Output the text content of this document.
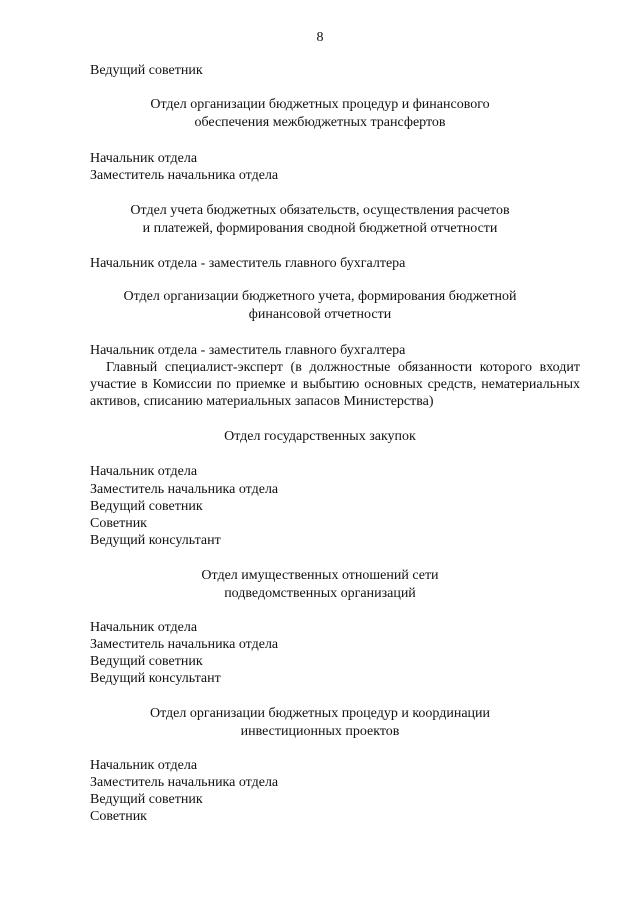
8
Ведущий советник
Отдел организации бюджетных процедур и финансового
обеспечения межбюджетных трансфертов
Начальник отдела
Заместитель начальника отдела
Отдел учета бюджетных обязательств, осуществления расчетов
и платежей, формирования сводной бюджетной отчетности
Начальник отдела - заместитель главного бухгалтера
Отдел организации бюджетного учета, формирования бюджетной
финансовой отчетности
Начальник отдела - заместитель главного бухгалтера
Главный специалист-эксперт (в должностные обязанности которого входит
участие в Комиссии по приемке и выбытию основных средств, нематериальных
активов, списанию материальных запасов Министерства)
Отдел государственных закупок
Начальник отдела
Заместитель начальника отдела
Ведущий советник
Советник
Ведущий консультант
Отдел имущественных отношений сети
подведомственных организаций
Начальник отдела
Заместитель начальника отдела
Ведущий советник
Ведущий консультант
Отдел организации бюджетных процедур и координации
инвестиционных проектов
Начальник отдела
Заместитель начальника отдела
Ведущий советник
Советник
